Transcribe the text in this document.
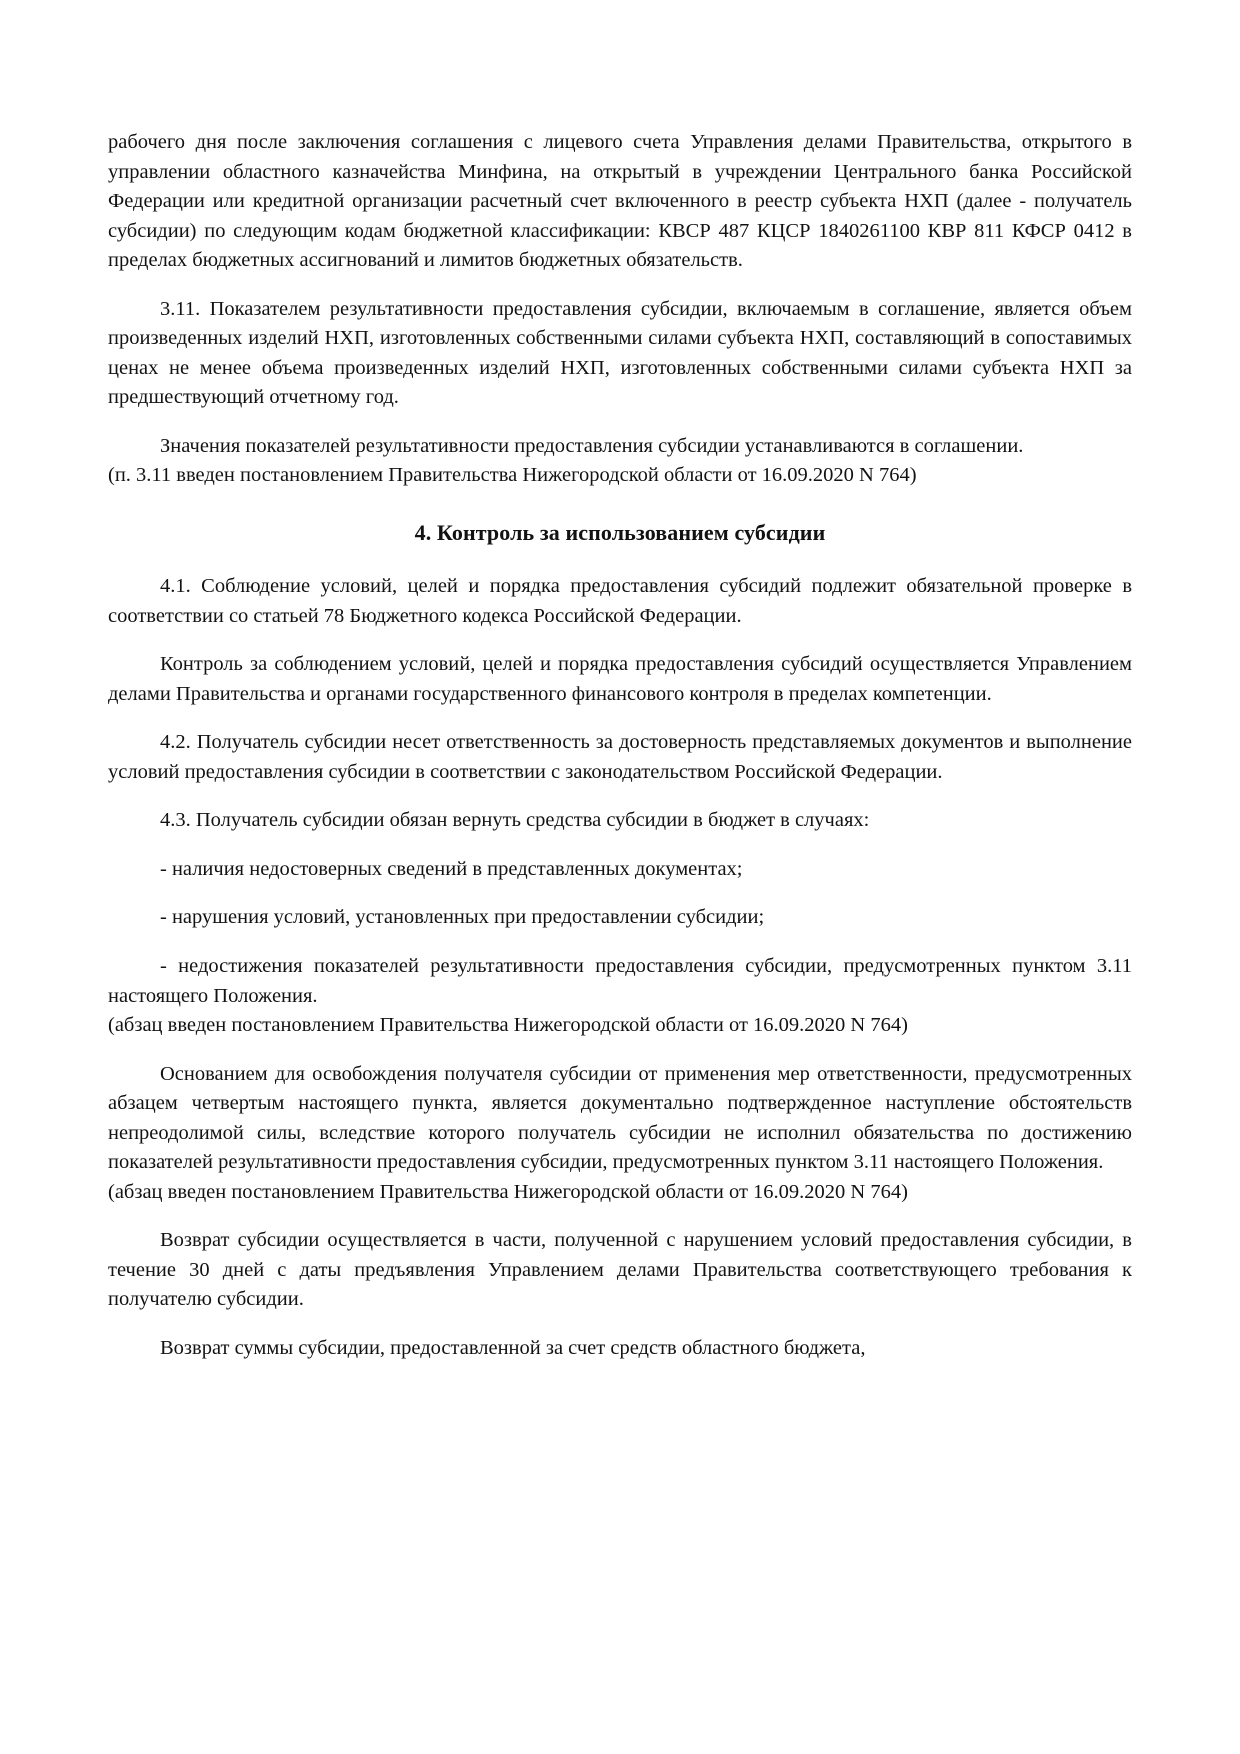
рабочего дня после заключения соглашения с лицевого счета Управления делами Правительства, открытого в управлении областного казначейства Минфина, на открытый в учреждении Центрального банка Российской Федерации или кредитной организации расчетный счет включенного в реестр субъекта НХП (далее - получатель субсидии) по следующим кодам бюджетной классификации: КВСР 487 КЦСР 1840261100 КВР 811 КФСР 0412 в пределах бюджетных ассигнований и лимитов бюджетных обязательств.

3.11. Показателем результативности предоставления субсидии, включаемым в соглашение, является объем произведенных изделий НХП, изготовленных собственными силами субъекта НХП, составляющий в сопоставимых ценах не менее объема произведенных изделий НХП, изготовленных собственными силами субъекта НХП за предшествующий отчетному год.

Значения показателей результативности предоставления субсидии устанавливаются в соглашении.

(п. 3.11 введен постановлением Правительства Нижегородской области от 16.09.2020 N 764)

4. Контроль за использованием субсидии

4.1. Соблюдение условий, целей и порядка предоставления субсидий подлежит обязательной проверке в соответствии со статьей 78 Бюджетного кодекса Российской Федерации.

Контроль за соблюдением условий, целей и порядка предоставления субсидий осуществляется Управлением делами Правительства и органами государственного финансового контроля в пределах компетенции.

4.2. Получатель субсидии несет ответственность за достоверность представляемых документов и выполнение условий предоставления субсидии в соответствии с законодательством Российской Федерации.

4.3. Получатель субсидии обязан вернуть средства субсидии в бюджет в случаях:

- наличия недостоверных сведений в представленных документах;

- нарушения условий, установленных при предоставлении субсидии;

- недостижения показателей результативности предоставления субсидии, предусмотренных пунктом 3.11 настоящего Положения.

(абзац введен постановлением Правительства Нижегородской области от 16.09.2020 N 764)

Основанием для освобождения получателя субсидии от применения мер ответственности, предусмотренных абзацем четвертым настоящего пункта, является документально подтвержденное наступление обстоятельств непреодолимой силы, вследствие которого получатель субсидии не исполнил обязательства по достижению показателей результативности предоставления субсидии, предусмотренных пунктом 3.11 настоящего Положения.

(абзац введен постановлением Правительства Нижегородской области от 16.09.2020 N 764)

Возврат субсидии осуществляется в части, полученной с нарушением условий предоставления субсидии, в течение 30 дней с даты предъявления Управлением делами Правительства соответствующего требования к получателю субсидии.

Возврат суммы субсидии, предоставленной за счет средств областного бюджета,
